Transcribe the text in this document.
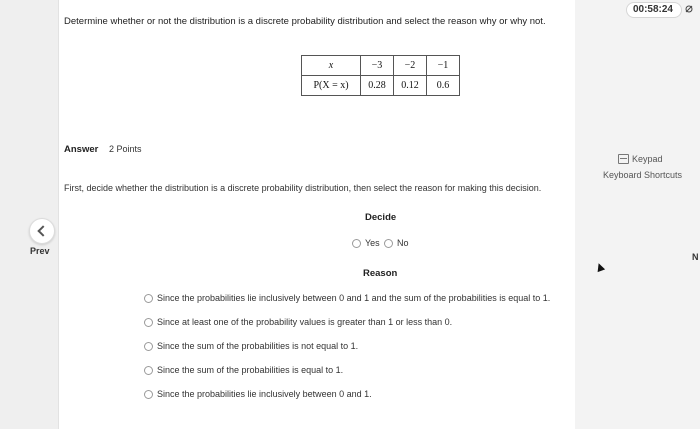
00:58:24
Determine whether or not the distribution is a discrete probability distribution and select the reason why or why not.
x	−3	−2	−1
P(X = x)	0.28	0.12	0.6
Answer 2 Points
Keypad
Keyboard Shortcuts
First, decide whether the distribution is a discrete probability distribution, then select the reason for making this decision.
Decide
Yes	No
Prev
N
Reason
Since the probabilities lie inclusively between 0 and 1 and the sum of the probabilities is equal to 1.
Since at least one of the probability values is greater than 1 or less than 0.
Since the sum of the probabilities is not equal to 1.
Since the sum of the probabilities is equal to 1.
Since the probabilities lie inclusively between 0 and 1.
